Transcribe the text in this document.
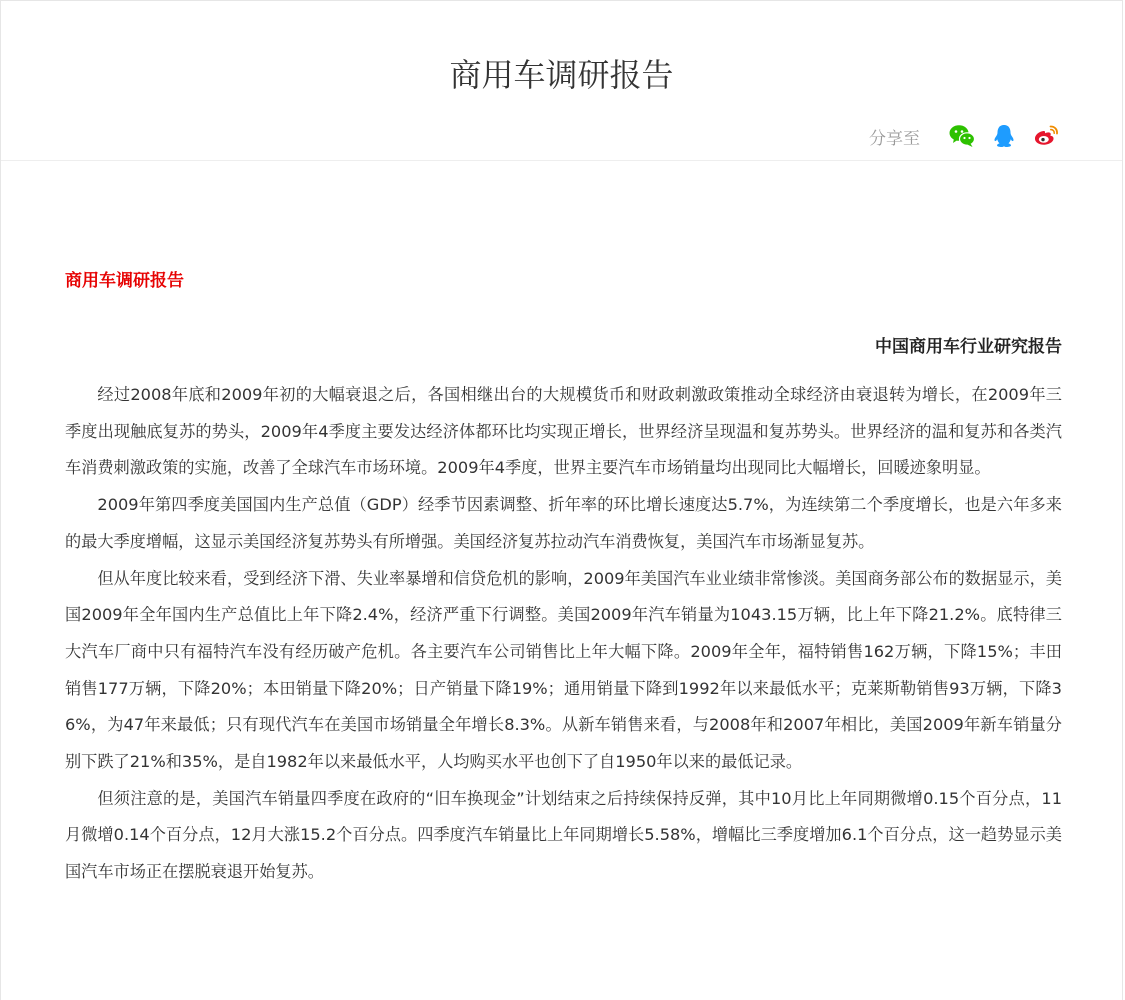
商用车调研报告
分享至
商用车调研报告
中国商用车行业研究报告

经过2008年底和2009年初的大幅衰退之后，各国相继出台的大规模货币和财政刺激政策推动全球经济由衰退转为增长，在2009年三季度出现触底复苏的势头，2009年4季度主要发达经济体都环比均实现正增长，世界经济呈现温和复苏势头。世界经济的温和复苏和各类汽车消费刺激政策的实施，改善了全球汽车市场环境。2009年4季度，世界主要汽车市场销量均出现同比大幅增长，回暖迹象明显。

2009年第四季度美国国内生产总值（GDP）经季节因素调整、折年率的环比增长速度达5.7%，为连续第二个季度增长，也是六年多来的最大季度增幅，这显示美国经济复苏势头有所增强。美国经济复苏拉动汽车消费恢复，美国汽车市场渐显复苏。

但从年度比较来看，受到经济下滑、失业率暴增和信贷危机的影响，2009年美国汽车业业绩非常惨淡。美国商务部公布的数据显示，美国2009年全年国内生产总值比上年下降2.4%，经济严重下行调整。美国2009年汽车销量为1043.15万辆，比上年下降21.2%。底特律三大汽车厂商中只有福特汽车没有经历破产危机。各主要汽车公司销售比上年大幅下降。2009年全年，福特销售162万辆，下降15%；丰田销售177万辆，下降20%；本田销量下降20%；日产销量下降19%；通用销量下降到1992年以来最低水平；克莱斯勒销售93万辆，下降36%，为47年来最低；只有现代汽车在美国市场销量全年增长8.3%。从新车销售来看，与2008年和2007年相比，美国2009年新车销量分别下跌了21%和35%，是自1982年以来最低水平，人均购买水平也创下了自1950年以来的最低记录。

但须注意的是，美国汽车销量四季度在政府的“旧车换现金”计划结束之后持续保持反弹，其中10月比上年同期微增0.15个百分点，11月微增0.14个百分点，12月大涨15.2个百分点。四季度汽车销量比上年同期增长5.58%，增幅比三季度增加6.1个百分点，这一趋势显示美国汽车市场正在摆脱衰退开始复苏。
